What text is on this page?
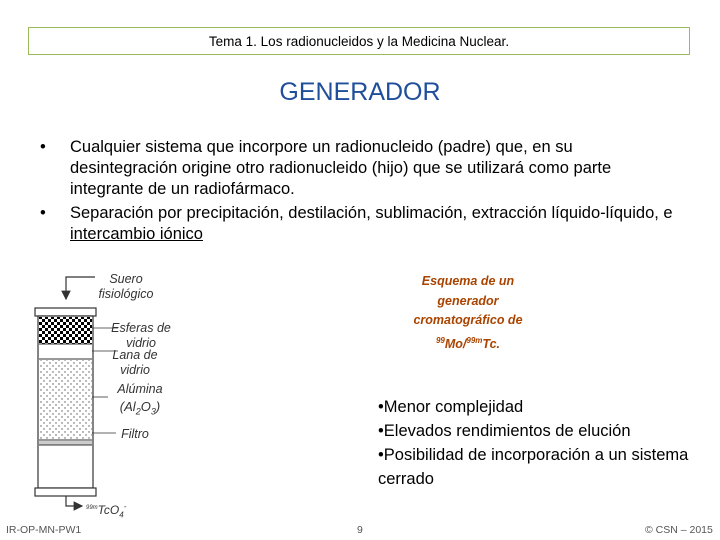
Tema 1. Los radionucleidos y la Medicina Nuclear.
GENERADOR
• Cualquier sistema que incorpore un radionucleido (padre) que, en su desintegración origine otro radionucleido (hijo) que se utilizará como parte integrante de un radiofármaco.
• Separación por precipitación, destilación, sublimación, extracción líquido-líquido, e intercambio iónico
Suero fisiológico
Esferas de vidrio
Lana de vidrio
Alúmina
$(Al_2O_3)$
Filtro
$^{99m}$TcO$_4$-
Esquema de un
generador
cromatográfico de
$^{99}$Mo/$^{99m}$Tc.
•Menor complejidad
•Elevados rendimientos de elución
•Posibilidad de incorporación a un sistema cerrado
IR-OP-MN-PW1	9	© CSN – 2015
